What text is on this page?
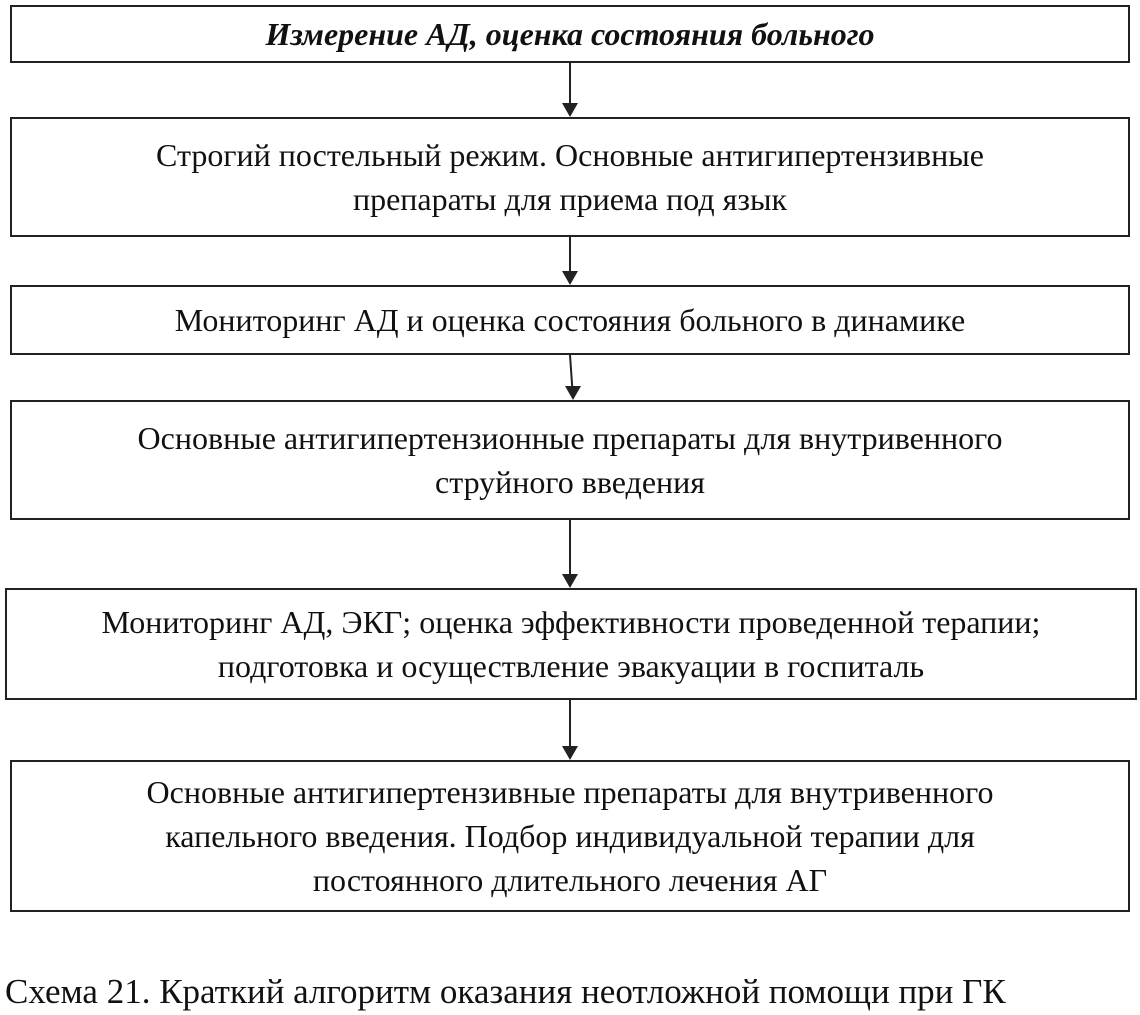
Измерение АД, оценка состояния больного
Строгий постельный режим. Основные антигипертензивные
препараты для приема под язык
Мониторинг АД и оценка состояния больного в динамике
Основные антигипертензионные препараты для внутривенного
струйного введения
Мониторинг АД, ЭКГ; оценка эффективности проведенной терапии;
подготовка и осуществление эвакуации в госпиталь
Основные антигипертензивные препараты для внутривенного
капельного введения. Подбор индивидуальной терапии для
постоянного длительного лечения АГ
Схема 21. Краткий алгоритм оказания неотложной помощи при ГК
